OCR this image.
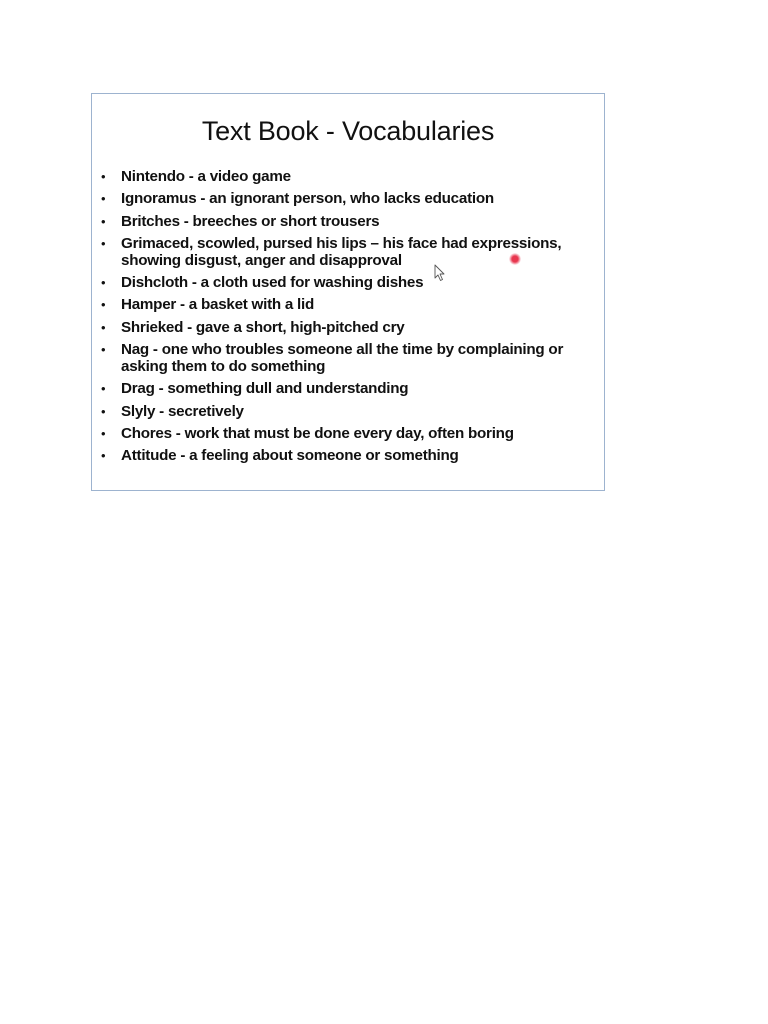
Text Book - Vocabularies
• Nintendo - a video game
• Ignoramus - an ignorant person, who lacks education
• Britches - breeches or short trousers
• Grimaced, scowled, pursed his lips – his face had expressions, showing disgust, anger and disapproval
• Dishcloth - a cloth used for washing dishes
• Hamper - a basket with a lid
• Shrieked - gave a short, high-pitched cry
• Nag - one who troubles someone all the time by complaining or asking them to do something
• Drag - something dull and understanding
• Slyly - secretively
• Chores - work that must be done every day, often boring
• Attitude - a feeling about someone or something
